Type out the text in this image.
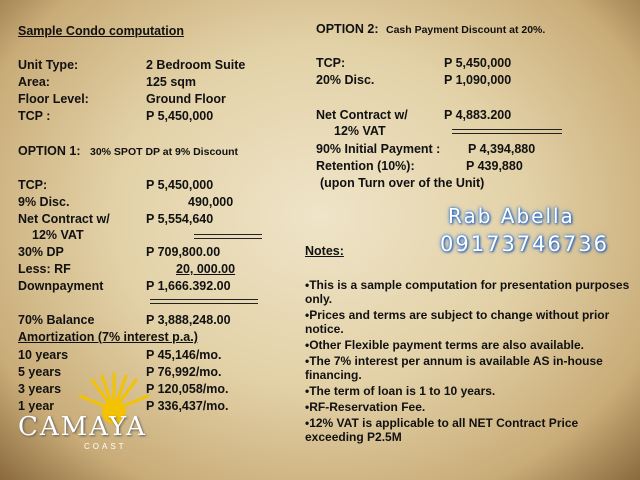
Sample Condo computation
Unit Type:	2 Bedroom Suite
Area:	125 sqm
Floor Level:	Ground Floor
TCP :	P 5,450,000
OPTION 1: 30% SPOT DP at 9% Discount
TCP:	P 5,450,000
9% Disc.	490,000
Net Contract w/	P 5,554,640
12% VAT
30% DP	P 709,800.00
Less: RF	20, 000.00
Downpayment	P 1,666.392.00
70% Balance	P 3,888,248.00
Amortization (7% interest p.a.)
10 years	P 45,146/mo.
5 years	P 76,992/mo.
3 years	P 120,058/mo.
1 year	P 336,437/mo.
CAMAYA
COAST
OPTION 2: Cash Payment Discount at 20%.
TCP:	P 5,450,000
20% Disc.	P 1,090,000
Net Contract w/	P 4,883.200
12% VAT
90% Initial Payment : P 4,394,880
Retention (10%):	P 439,880
(upon Turn over of the Unit)
Rab Abella
09173746736
Notes:

•This is a sample computation for presentation purposes only.

•Prices and terms are subject to change without prior notice.

•Other Flexible payment terms are also available.

•The 7% interest per annum is available AS in-house financing.

•The term of loan is 1 to 10 years.

•RF-Reservation Fee.

•12% VAT is applicable to all NET Contract Price exceeding P2.5M
